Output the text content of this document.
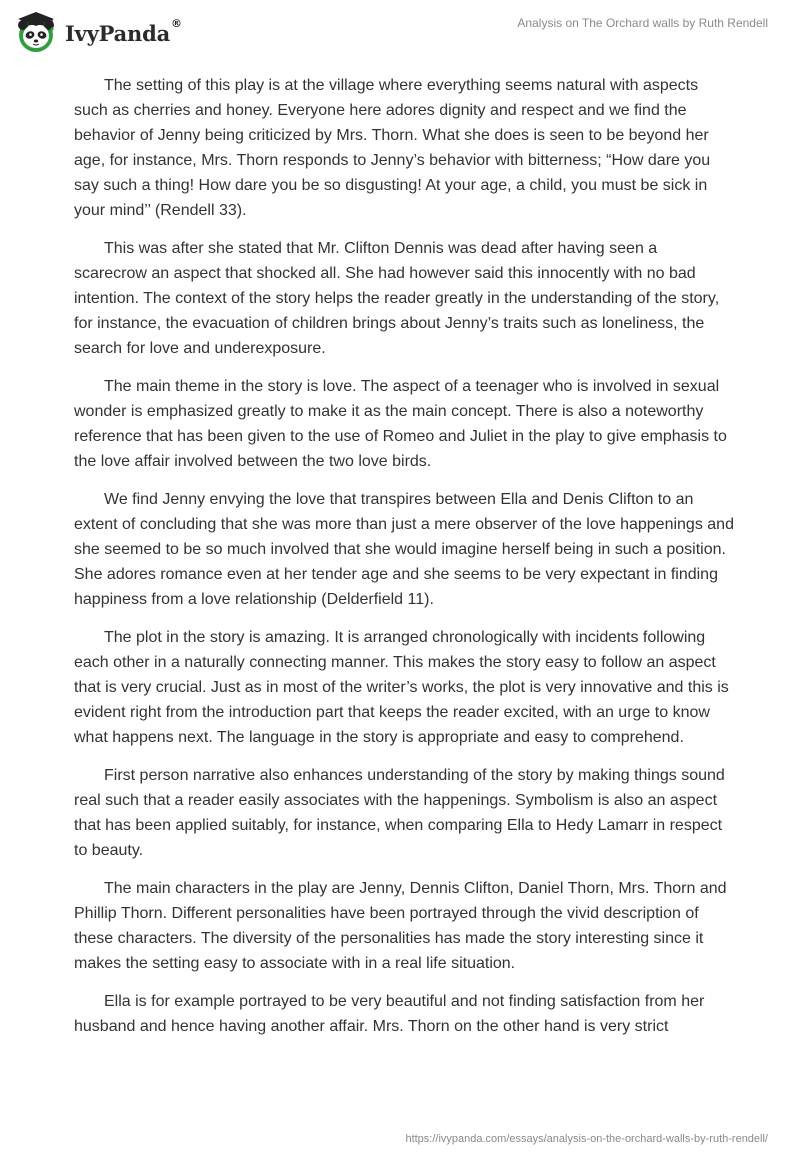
IvyPanda®	Analysis on The Orchard walls by Ruth Rendell

The setting of this play is at the village where everything seems natural with aspects such as cherries and honey. Everyone here adores dignity and respect and we find the behavior of Jenny being criticized by Mrs. Thorn. What she does is seen to be beyond her age, for instance, Mrs. Thorn responds to Jenny’s behavior with bitterness; “How dare you say such a thing! How dare you be so disgusting! At your age, a child, you must be sick in your mind’’ (Rendell 33).

This was after she stated that Mr. Clifton Dennis was dead after having seen a scarecrow an aspect that shocked all. She had however said this innocently with no bad intention. The context of the story helps the reader greatly in the understanding of the story, for instance, the evacuation of children brings about Jenny’s traits such as loneliness, the search for love and underexposure.

The main theme in the story is love. The aspect of a teenager who is involved in sexual wonder is emphasized greatly to make it as the main concept. There is also a noteworthy reference that has been given to the use of Romeo and Juliet in the play to give emphasis to the love affair involved between the two love birds.

We find Jenny envying the love that transpires between Ella and Denis Clifton to an extent of concluding that she was more than just a mere observer of the love happenings and she seemed to be so much involved that she would imagine herself being in such a position. She adores romance even at her tender age and she seems to be very expectant in finding happiness from a love relationship (Delderfield 11).

The plot in the story is amazing. It is arranged chronologically with incidents following each other in a naturally connecting manner. This makes the story easy to follow an aspect that is very crucial. Just as in most of the writer’s works, the plot is very innovative and this is evident right from the introduction part that keeps the reader excited, with an urge to know what happens next. The language in the story is appropriate and easy to comprehend.

First person narrative also enhances understanding of the story by making things sound real such that a reader easily associates with the happenings. Symbolism is also an aspect that has been applied suitably, for instance, when comparing Ella to Hedy Lamarr in respect to beauty.

The main characters in the play are Jenny, Dennis Clifton, Daniel Thorn, Mrs. Thorn and Phillip Thorn. Different personalities have been portrayed through the vivid description of these characters. The diversity of the personalities has made the story interesting since it makes the setting easy to associate with in a real life situation.

Ella is for example portrayed to be very beautiful and not finding satisfaction from her husband and hence having another affair. Mrs. Thorn on the other hand is very strict

https://ivypanda.com/essays/analysis-on-the-orchard-walls-by-ruth-rendell/
